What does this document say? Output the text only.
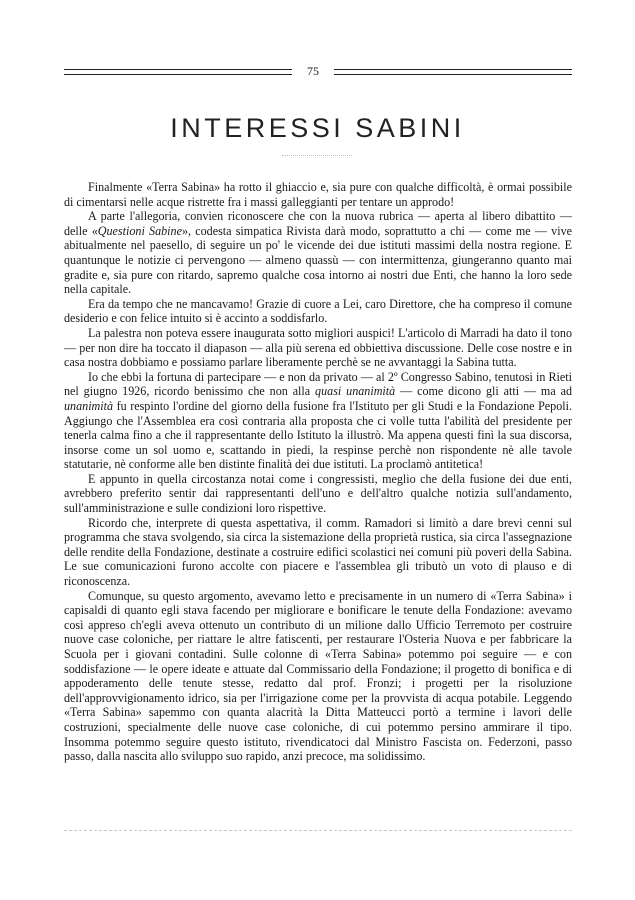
75
INTERESSI SABINI

Finalmente «Terra Sabina» ha rotto il ghiaccio e, sia pure con qualche difficoltà, è ormai possibile di cimentarsi nelle acque ristrette fra i massi galleggianti per tentare un approdo!

A parte l'allegoria, convien riconoscere che con la nuova rubrica — aperta al libero dibattito — delle «Questioni Sabine», codesta simpatica Rivista darà modo, soprattutto a chi — come me — vive abitualmente nel paesello, di seguire un po' le vicende dei due istituti massimi della nostra regione. E quantunque le notizie ci pervengono — almeno quassù — con intermittenza, giungeranno quanto mai gradite e, sia pure con ritardo, sapremo qualche cosa intorno ai nostri due Enti, che hanno la loro sede nella capitale.

Era da tempo che ne mancavamo! Grazie di cuore a Lei, caro Direttore, che ha compreso il comune desiderio e con felice intuito si è accinto a soddisfarlo.

La palestra non poteva essere inaugurata sotto migliori auspici! L'articolo di Marradi ha dato il tono — per non dire ha toccato il diapason — alla più serena ed obbiettiva discussione. Delle cose nostre e in casa nostra dobbiamo e possiamo parlare liberamente perchè se ne avvantaggi la Sabina tutta.

Io che ebbi la fortuna di partecipare — e non da privato — al 2º Congresso Sabino, tenutosi in Rieti nel giugno 1926, ricordo benissimo che non alla quasi unanimità — come dicono gli atti — ma ad unanimità fu respinto l'ordine del giorno della fusione fra l'Istituto per gli Studi e la Fondazione Pepoli. Aggiungo che l'Assemblea era così contraria alla proposta che ci volle tutta l'abilità del presidente per tenerla calma fino a che il rappresentante dello Istituto la illustrò. Ma appena questi finì la sua discorsa, insorse come un sol uomo e, scattando in piedi, la respinse perchè non rispondente nè alle tavole statutarie, nè conforme alle ben distinte finalità dei due istituti. La proclamò antitetica!

E appunto in quella circostanza notai come i congressisti, meglio che della fusione dei due enti, avrebbero preferito sentir dai rappresentanti dell'uno e dell'altro qualche notizia sull'andamento, sull'amministrazione e sulle condizioni loro rispettive.

Ricordo che, interprete di questa aspettativa, il comm. Ramadori si limitò a dare brevi cenni sul programma che stava svolgendo, sia circa la sistemazione della proprietà rustica, sia circa l'assegnazione delle rendite della Fondazione, destinate a costruire edifici scolastici nei comuni più poveri della Sabina. Le sue comunicazioni furono accolte con piacere e l'assemblea gli tributò un voto di plauso e di riconoscenza.

Comunque, su questo argomento, avevamo letto e precisamente in un numero di «Terra Sabina» i capisaldi di quanto egli stava facendo per migliorare e bonificare le tenute della Fondazione: avevamo così appreso ch'egli aveva ottenuto un contributo di un milione dallo Ufficio Terremoto per costruire nuove case coloniche, per riattare le altre fatiscenti, per restaurare l'Osteria Nuova e per fabbricare la Scuola per i giovani contadini. Sulle colonne di «Terra Sabina» potemmo poi seguire — e con soddisfazione — le opere ideate e attuate dal Commissario della Fondazione; il progetto di bonifica e di appoderamento delle tenute stesse, redatto dal prof. Fronzi; i progetti per la risoluzione dell'approvvigionamento idrico, sia per l'irrigazione come per la provvista di acqua potabile. Leggendo «Terra Sabina» sapemmo con quanta alacrità la Ditta Matteucci portò a termine i lavori delle costruzioni, specialmente delle nuove case coloniche, di cui potemmo persino ammirare il tipo. Insomma potemmo seguire questo istituto, rivendicatoci dal Ministro Fascista on. Federzoni, passo passo, dalla nascita allo sviluppo suo rapido, anzi precoce, ma solidissimo.
